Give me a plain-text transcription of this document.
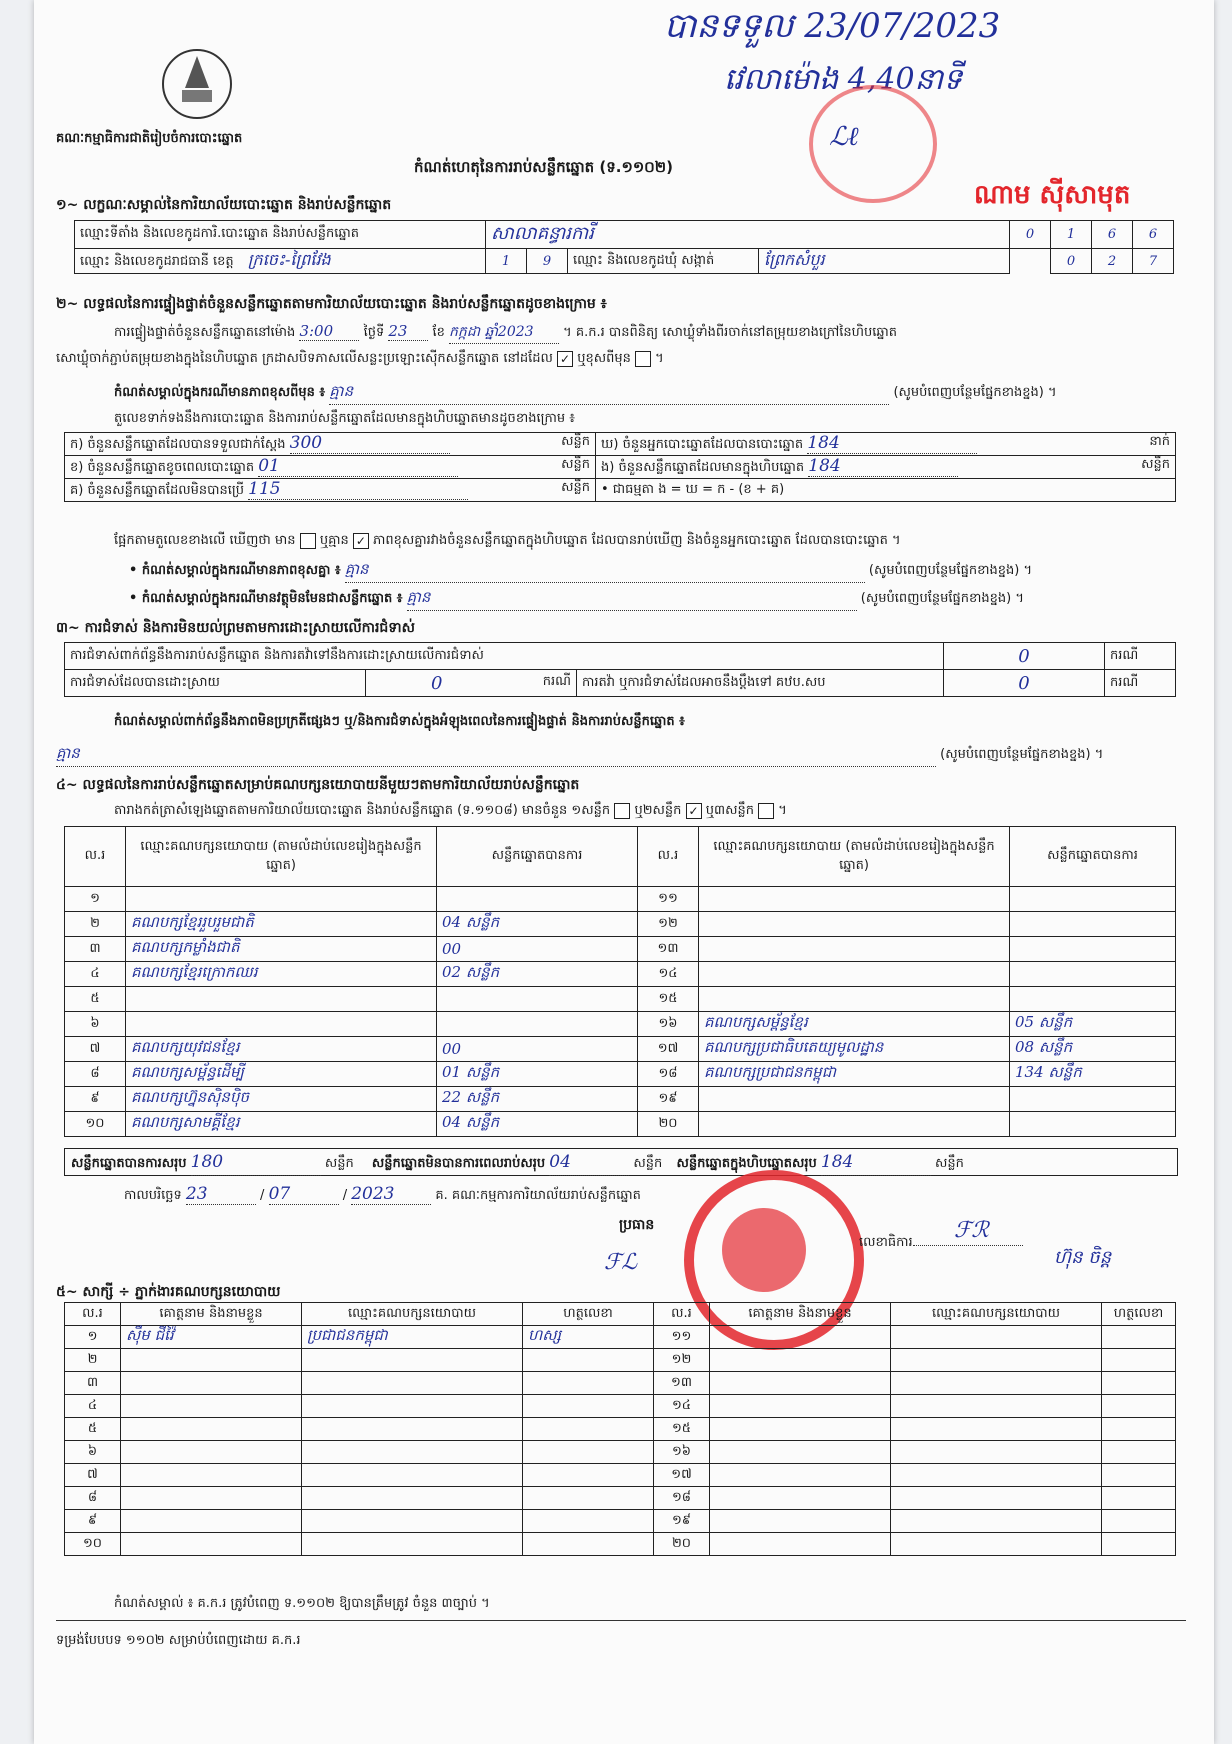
បានទទួល 23/07/2023
វេលាម៉ោង 4,40នាទី
ℒℓ
ណាម ស៊ីសាមុត
គណៈកម្មាធិការជាតិរៀបចំការបោះឆ្នោត
កំណត់ហេតុនៃការរាប់សន្លឹកឆ្នោត (ទ.១១០២)
១~ លក្ខណៈសម្គាល់នៃការិយាល័យបោះឆ្នោត និងរាប់សន្លឹកឆ្នោត
ឈ្មោះទីតាំង និងលេខកូដការិ.បោះឆ្នោត និងរាប់សន្លឹកឆ្នោត	សាលាគន្ធារការី				0	1	6	6
ឈ្មោះ និងលេខកូដរាជធានី ខេត្ត ក្រចេះ-ព្រៃវែង	1	9	ឈ្មោះ និងលេខកូដឃុំ សង្កាត់	ព្រែកសំបួរ		0	2	7
២~ លទ្ធផលនៃការផ្ទៀងផ្ទាត់ចំនួនសន្លឹកឆ្នោតតាមការិយាល័យបោះឆ្នោត និងរាប់សន្លឹកឆ្នោតដូចខាងក្រោម ៖
ការផ្ទៀងផ្ទាត់ចំនួនសន្លឹកឆ្នោតនៅម៉ោង 3:00 ថ្ងៃទី 23 ខែ កក្កដា ឆ្នាំ2023 ។ គ.ក.រ បានពិនិត្យ សោឃ្លុំទាំងពីរចាក់នៅតម្រុយខាងក្រៅនៃហិបឆ្នោត
សោឃ្លុំចាក់ភ្ជាប់តម្រុយខាងក្នុងនៃហិបឆ្នោត ក្រដាសបិទភាសលើសន្លះប្រឡោះស៊ើកសន្លឹកឆ្នោត នៅដដែល ✓ ឬខុសពីមុន  ។
កំណត់សម្គាល់ក្នុងករណីមានភាពខុសពីមុន ៖ គ្មាន	(សូមបំពេញបន្ថែមផ្នែកខាងខ្នង) ។
តួលេខទាក់ទងនឹងការបោះឆ្នោត និងការរាប់សន្លឹកឆ្នោតដែលមានក្នុងហិបឆ្នោតមានដូចខាងក្រោម ៖
ក) ចំនួនសន្លឹកឆ្នោតដែលបានទទួលជាក់ស្តែង 300 សន្លឹក	ឃ) ចំនួនអ្នកបោះឆ្នោតដែលបានបោះឆ្នោត 184 នាក់

ខ) ចំនួនសន្លឹកឆ្នោតខូចពេលបោះឆ្នោត 01 សន្លឹក	ង) ចំនួនសន្លឹកឆ្នោតដែលមានក្នុងហិបឆ្នោត 184 សន្លឹក

គ) ចំនួនសន្លឹកឆ្នោតដែលមិនបានប្រើ 115 សន្លឹក	• ជាធម្មតា ង = ឃ = ក - (ខ + គ)
ផ្អែកតាមតួលេខខាងលើ ឃើញថា មាន ឬគ្មាន ✓ ភាពខុសគ្នារវាងចំនួនសន្លឹកឆ្នោតក្នុងហិបឆ្នោត ដែលបានរាប់ឃើញ និងចំនួនអ្នកបោះឆ្នោត ដែលបានបោះឆ្នោត ។
• កំណត់សម្គាល់ក្នុងករណីមានភាពខុសគ្នា ៖ គ្មាន	(សូមបំពេញបន្ថែមផ្នែកខាងខ្នង) ។
• កំណត់សម្គាល់ក្នុងករណីមានវត្ថុមិនមែនជាសន្លឹកឆ្នោត ៖ គ្មាន	(សូមបំពេញបន្ថែមផ្នែកខាងខ្នង) ។
៣~ ការជំទាស់ និងការមិនយល់ព្រមតាមការដោះស្រាយលើការជំទាស់
ការជំទាស់ពាក់ព័ន្ធនឹងការរាប់សន្លឹកឆ្នោត និងការតវ៉ាទៅនឹងការដោះស្រាយលើការជំទាស់			0	ករណី
ការជំទាស់ដែលបានដោះស្រាយ	0 ករណី	ការតវ៉ា ឬការជំទាស់ដែលអាចនឹងប្តឹងទៅ គឋប.សប	0	ករណី
កំណត់សម្គាល់ពាក់ព័ន្ធនឹងភាពមិនប្រក្រតីផ្សេងៗ ឬ/និងការជំទាស់ក្នុងអំឡុងពេលនៃការផ្ទៀងផ្ទាត់ និងការរាប់សន្លឹកឆ្នោត ៖
គ្មាន	(សូមបំពេញបន្ថែមផ្នែកខាងខ្នង) ។
៤~ លទ្ធផលនៃការរាប់សន្លឹកឆ្នោតសម្រាប់គណបក្សនយោបាយនីមួយៗតាមការិយាល័យរាប់សន្លឹកឆ្នោត
តារាងកត់ត្រាសំឡេងឆ្នោតតាមការិយាល័យបោះឆ្នោត និងរាប់សន្លឹកឆ្នោត (ទ.១១០៨) មានចំនួន ១សន្លឹក ឬ២សន្លឹក ✓ ឬ៣សន្លឹក  ។
ល.រ	ឈ្មោះគណបក្សនយោបាយ (តាមលំដាប់លេខរៀងក្នុងសន្លឹកឆ្នោត)	សន្លឹកឆ្នោតបានការ	ល.រ	ឈ្មោះគណបក្សនយោបាយ (តាមលំដាប់លេខរៀងក្នុងសន្លឹកឆ្នោត)	សន្លឹកឆ្នោតបានការ
១			១១		
២	គណបក្សខ្មែររួបរួមជាតិ	04 សន្លឹក	១២		
៣	គណបក្សកម្លាំងជាតិ	00	១៣		
៤	គណបក្សខ្មែរក្រោកឈរ	02 សន្លឹក	១៤		
៥			១៥		
៦			១៦	គណបក្សសម្ព័ន្ធខ្មែរ	05 សន្លឹក
៧	គណបក្សយុវជនខ្មែរ	00	១៧	គណបក្សប្រជាធិបតេយ្យមូលដ្ឋាន	08 សន្លឹក
៨	គណបក្សសម្ព័ន្ធដើម្បី	01 សន្លឹក	១៨	គណបក្សប្រជាជនកម្ពុជា	134 សន្លឹក
៩	គណបក្សហ្វ៊ុនស៊ិនប៉ិច	22 សន្លឹក	១៩		
១០	គណបក្សសាមគ្គីខ្មែរ	04 សន្លឹក	២០		
សន្លឹកឆ្នោតបានការសរុប 180	សន្លឹក សន្លឹកឆ្នោតមិនបានការពេលរាប់សរុប 04	សន្លឹក សន្លឹកឆ្នោតក្នុងហិបឆ្នោតសរុប 184	សន្លឹក
កាលបរិច្ឆេទ 23	/ 07	/ 2023	គ. គណៈកម្មការការិយាល័យរាប់សន្លឹកឆ្នោត
ប្រធាន
ℱℒ
លេខាធិការ	ℱℛ
ហ៊ុន ចិន្ត
៥~ សាក្សី ÷ ភ្នាក់ងារគណបក្សនយោបាយ
ល.រ	គោត្តនាម និងនាមខ្លួន	ឈ្មោះគណបក្សនយោបាយ	ហត្ថលេខា	ល.រ	គោត្តនាម និងនាមខ្លួន	ឈ្មោះគណបក្សនយោបាយ	ហត្ថលេខា
១	ស៊ឹម ជីវ៉ៃ	ប្រជាជនកម្ពុជា	ហស្ស	១១			
២				១២			
៣				១៣			
៤				១៤			
៥				១៥			
៦				១៦			
៧				១៧			
៨				១៨			
៩				១៩			
១០				២០			
កំណត់សម្គាល់ ៖ គ.ក.រ ត្រូវបំពេញ ទ.១១០២ ឱ្យបានត្រឹមត្រូវ ចំនួន ៣ច្បាប់ ។
ទម្រង់បែបបទ ១១០២ សម្រាប់បំពេញដោយ គ.ក.រ
